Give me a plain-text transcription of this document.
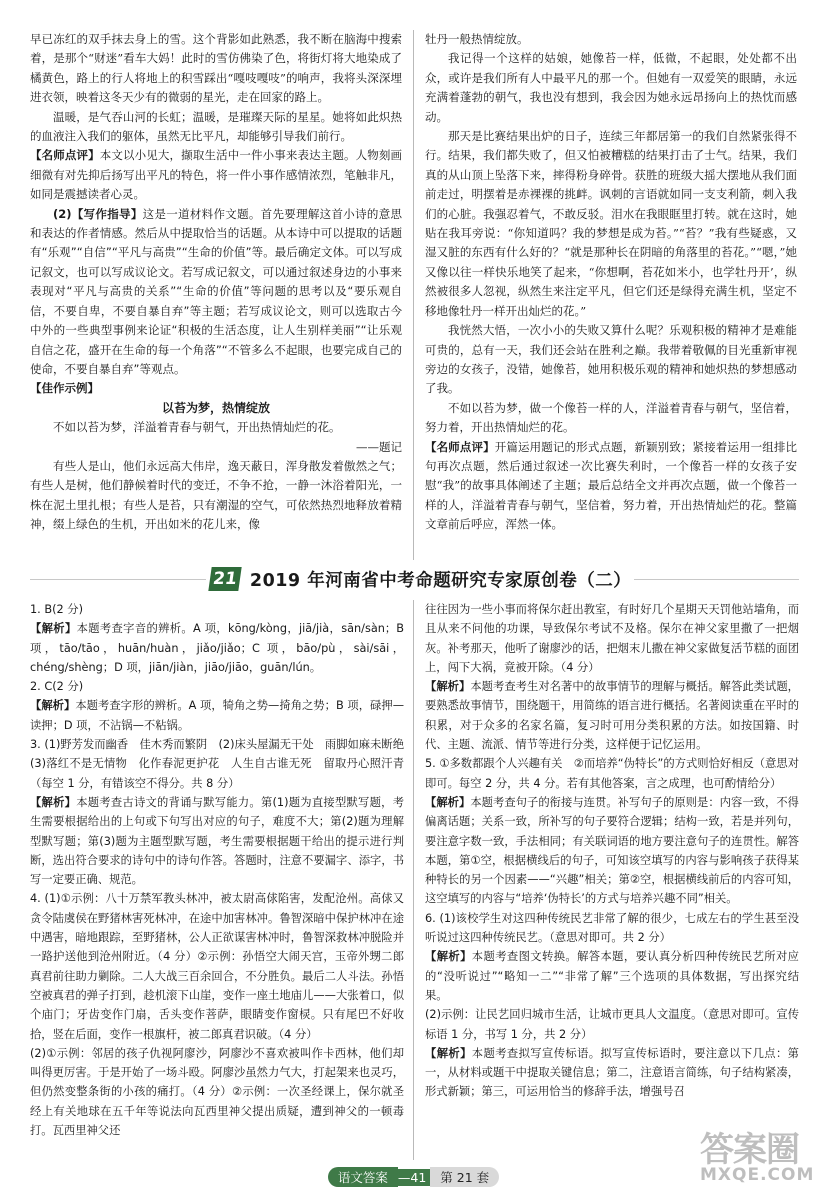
早已冻红的双手抹去身上的雪。这个背影如此熟悉，我不断在脑海中搜索着，是那个“财迷”看车大妈！此时的雪仿佛染了色，将街灯将大地染成了橘黄色，路上的行人将地上的积雪踩出“嘎吱嘎吱”的响声，我将头深深埋进衣领，映着这冬天少有的微弱的星光，走在回家的路上。

温暖，是气吞山河的长虹；温暖，是璀璨天际的星星。她将如此炽热的血液注入我们的躯体，虽然无比平凡，却能够引导我们前行。

【名师点评】本文以小见大，撷取生活中一件小事来表达主题。人物刻画细微有对先抑后扬写出平凡的特色，将一件小事作感情浓烈，笔触非凡，如同是震撼读者心灵。

(2)【写作指导】这是一道材料作文题。首先要理解这首小诗的意思和表达的作者情感。然后从中提取恰当的话题。从本诗中可以提取的话题有“乐观”“自信”“平凡与高贵”“生命的价值”等。最后确定文体。可以写成记叙文，也可以写成议论文。若写成记叙文，可以通过叙述身边的小事来表现对“平凡与高贵的关系”“生命的价值”等问题的思考以及“要乐观自信，不要自卑，不要自暴自弃”等主题；若写成议论文，则可以选取古今中外的一些典型事例来论证“积极的生活态度，让人生别样美丽”“让乐观自信之花，盛开在生命的每一个角落”“不管多么不起眼，也要完成自己的使命，不要自暴自弃”等观点。

【佳作示例】

以苔为梦，热情绽放

不如以苔为梦，洋溢着青春与朝气，开出热情灿烂的花。

——题记

有些人是山，他们永远高大伟岸，逸天蔽日，浑身散发着傲然之气；有些人是树，他们静候着时代的变迁，不争不抢，一静一沐浴着阳光，一株在泥土里扎根；有些人是苔，只有潮湿的空气，可依然热烈地释放着精神，缀上绿色的生机，开出如米的花儿来，像

牡丹一般热情绽放。

我记得一个这样的姑娘，她像苔一样，低微，不起眼，处处都不出众，或许是我们所有人中最平凡的那一个。但她有一双爱笑的眼睛，永远充满着蓬勃的朝气，我也没有想到，我会因为她永远昂扬向上的热忱而感动。

那天是比赛结果出炉的日子，连续三年都居第一的我们自然紧张得不行。结果，我们都失败了，但又怕被糟糕的结果打击了士气。结果，我们真的从山顶上坠落下来，摔得粉身碎骨。获胜的班级大摇大摆地从我们面前走过，明摆着是赤裸裸的挑衅。讽刺的言语就如同一支支利箭，刺入我们的心脏。我强忍着气，不敢反驳。泪水在我眼眶里打转。就在这时，她贴在我耳旁说：“你知道吗？我的梦想是成为苔。”“苔？”我有些疑惑，又湿又脏的东西有什么好的？“就是那种长在阴暗的角落里的苔花。”“嗯，”她又像以往一样快乐地笑了起来，“你想啊，苔花如米小，也学牡丹开’，纵然被很多人忽视，纵然生来注定平凡，但它们还是绿得充满生机，坚定不移地像牡丹一样开出灿烂的花。”

我恍然大悟，一次小小的失败又算什么呢？乐观积极的精神才是难能可贵的，总有一天，我们还会站在胜利之巅。我带着敬佩的目光重新审视旁边的女孩子，没错，她像苔，她用积极乐观的精神和她炽热的梦想感动了我。

不如以苔为梦，做一个像苔一样的人，洋溢着青春与朝气，坚信着，努力着，开出热情灿烂的花。

【名师点评】开篇运用题记的形式点题，新颖别致；紧接着运用一组排比句再次点题，然后通过叙述一次比赛失利时，一个像苔一样的女孩子安慰“我”的故事具体阐述了主题；最后总结全文并再次点题，做一个像苔一样的人，洋溢着青春与朝气，坚信着，努力着，开出热情灿烂的花。整篇文章前后呼应，浑然一体。

21 2019 年河南省中考命题研究专家原创卷（二）

1. B(2 分)

【解析】本题考查字音的辨析。A 项，kōng/kòng，jiā/jià，sān/sàn；B 项，tāo/tāo，huān/huàn，jiǎo/jiǎo；C 项，bāo/pù，sài/sāi，chéng/shèng；D 项，jiān/jiàn，jiāo/jiāo，guān/lún。

2. C(2 分)

【解析】本题考查字形的辨析。A 项，犄角之势—掎角之势；B 项，碌押—读押；D 项，不沾锅—不粘锅。

3. (1)野芳发而幽香　佳木秀而繁阴　(2)床头屋漏无干处　雨脚如麻未断绝　(3)落红不是无情物　化作春泥更护花　人生自古谁无死　留取丹心照汗青（每空 1 分，有错该空不得分。共 8 分）

【解析】本题考查古诗文的背诵与默写能力。第(1)题为直接型默写题，考生需要根据给出的上句或下句写出对应的句子，难度不大；第(2)题为理解型默写题；第(3)题为主题型默写题，考生需要根据题干给出的提示进行判断，选出符合要求的诗句中的诗句作答。答题时，注意不要漏字、添字，书写一定要正确、规范。

4. (1)①示例：八十万禁军教头林冲，被太尉高俅陷害，发配沧州。高俅又贪令陆虞侯在野猪林害死林冲，在途中加害林冲。鲁智深暗中保护林冲在途中遇害，暗地跟踪，至野猪林，公人正欲谋害林冲时，鲁智深救林冲脱险并一路护送他到沧州附近。（4 分）②示例：孙悟空大闹天宫，玉帝外甥二郎真君前往助力剿除。二人大战三百余回合，不分胜负。最后二人斗法。孙悟空被真君的弹子打到，趁机滚下山崖，变作一座土地庙儿——大张着口，似个庙门；牙齿变作门扇，舌头变作菩萨，眼睛变作窗棂。只有尾巴不好收拾，竖在后面，变作一根旗杆，被二郎真君识破。（4 分）

(2)①示例：邻居的孩子仇视阿廖沙，阿廖沙不喜欢被叫作卡西林，他们却叫得更厉害。于是开始了一场斗殴。阿廖沙虽然力气大，打起架来也灵巧，但仍然变整条街的小孩的痛打。（4 分）②示例：一次圣经课上，保尔就圣经上有关地球在五千年等说法向瓦西里神父提出质疑，遭到神父的一顿毒打。瓦西里神父还

往往因为一些小事而将保尔赶出教室，有时好几个星期天天罚他站墙角，而且从来不问他的功课，导致保尔考试不及格。保尔在神父家里撒了一把烟灰。补考那天，他听了谢廖沙的话，把烟末儿撒在神父家做复活节糕的面团上，闯下大祸，竟被开除。（4 分）

【解析】本题考查考生对名著中的故事情节的理解与概括。解答此类试题，要熟悉故事情节，围绕题干，用简练的语言进行概括。名著阅读重在平时的积累，对于众多的名家名篇，复习时可用分类积累的方法。如按国籍、时代、主题、流派、情节等进行分类，这样便于记忆运用。

5. ①多数都跟个人兴趣有关　②而培养“伪特长”的方式则恰好相反（意思对即可。每空 2 分，共 4 分。若有其他答案，言之成理，也可酌情给分）

【解析】本题考查句子的衔接与连贯。补写句子的原则是：内容一致，不得偏离话题；关系一致，所补写的句子要符合逻辑；结构一致，若是并列句，要注意字数一致，手法相同；有关联词语的地方要注意句子的连贯性。解答本题，第①空，根据横线后的句子，可知该空填写的内容与影响孩子获得某种特长的另一个因素——“兴趣”相关；第②空，根据横线前后的内容可知，这空填写的内容与“培养‘伪特长’的方式与培养兴趣不同”相关。

6. (1)该校学生对这四种传统民艺非常了解的很少，七成左右的学生甚至没听说过这四种传统民艺。（意思对即可。共 2 分）

【解析】本题考查图文转换。解答本题，要认真分析四种传统民艺所对应的“没听说过”“略知一二”“非常了解”三个选项的具体数据，写出探究结果。

(2)示例：让民艺回归城市生活，让城市更具人文温度。（意思对即可。宣传标语 1 分，书写 1 分，共 2 分）

【解析】本题考查拟写宣传标语。拟写宣传标语时，要注意以下几点：第一，从材料或题干中提取关键信息；第二，注意语言简练，句子结构紧凑，形式新颖；第三，可运用恰当的修辞手法，增强号召

语文答案 —41	第 21 套
答案圈
MXQE.COM
